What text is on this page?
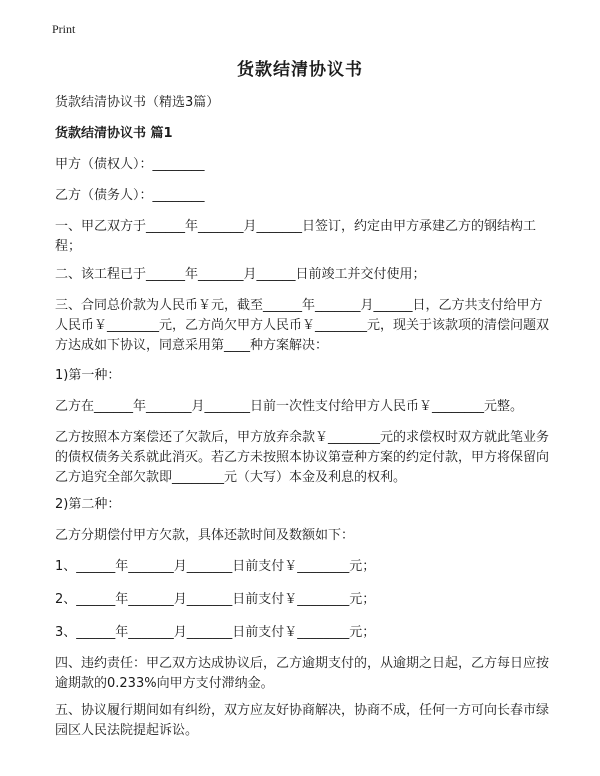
Print
货款结清协议书
货款结清协议书（精选3篇）
货款结清协议书 篇1
甲方（债权人）：________
乙方（债务人）：________
一、甲乙双方于______年_______月_______日签订，约定由甲方承建乙方的钢结构工程；
二、该工程已于______年_______月______日前竣工并交付使用；
三、合同总价款为人民币￥元，截至______年_______月______日，乙方共支付给甲方人民币￥________元，乙方尚欠甲方人民币￥________元，现关于该款项的清偿问题双方达成如下协议，同意采用第____种方案解决：
1)第一种：
乙方在______年_______月_______日前一次性支付给甲方人民币￥________元整。
乙方按照本方案偿还了欠款后，甲方放弃余款￥________元的求偿权时双方就此笔业务的债权债务关系就此消灭。若乙方未按照本协议第壹种方案的约定付款，甲方将保留向乙方追究全部欠款即________元（大写）本金及利息的权利。
2)第二种：
乙方分期偿付甲方欠款，具体还款时间及数额如下：
1、______年_______月_______日前支付￥________元；
2、______年_______月_______日前支付￥________元；
3、______年_______月_______日前支付￥________元；
四、违约责任：甲乙双方达成协议后，乙方逾期支付的，从逾期之日起，乙方每日应按逾期款的0.233%向甲方支付滞纳金。
五、协议履行期间如有纠纷，双方应友好协商解决，协商不成，任何一方可向长春市绿园区人民法院提起诉讼。
